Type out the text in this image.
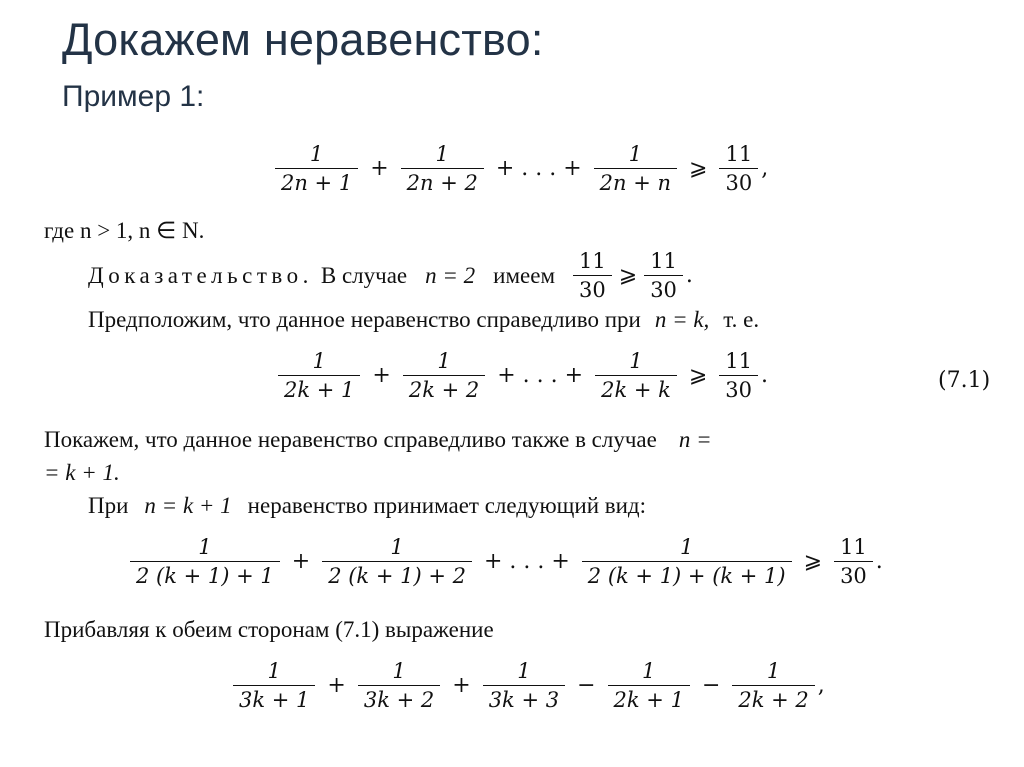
Докажем неравенство:
Пример 1:
$\frac{1}{2n + 1} + \frac{1}{2n + 2}$ + . . . + $\frac{1}{2n + n}$ ⩾ $\frac{11}{30}$ ,
где n > 1, n ∈ N.
Доказательство. В случае n = 2 имеем $\frac{11}{30}$ ⩾ $\frac{11}{30}$ .
Предположим, что данное неравенство справедливо при n = k, т. е.
$\frac{1}{2k + 1} + \frac{1}{2k + 2}$ + . . . + $\frac{1}{2k + k}$ ⩾ $\frac{11}{30}$ .	(7.1)
Покажем, что данное неравенство справедливо также в случае n =
= k + 1.
При n = k + 1 неравенство принимает следующий вид:
$\frac{1}{2 (k + 1) + 1} + \frac{1}{2 (k + 1) + 2}$ + . . . + $\frac{1}{2 (k + 1) + (k + 1)}$ ⩾ $\frac{11}{30}$ .
Прибавляя к обеим сторонам (7.1) выражение
$\frac{1}{3k + 1} + \frac{1}{3k + 2} + \frac{1}{3k + 3} - \frac{1}{2k + 1} - \frac{1}{2k + 2}$ ,
